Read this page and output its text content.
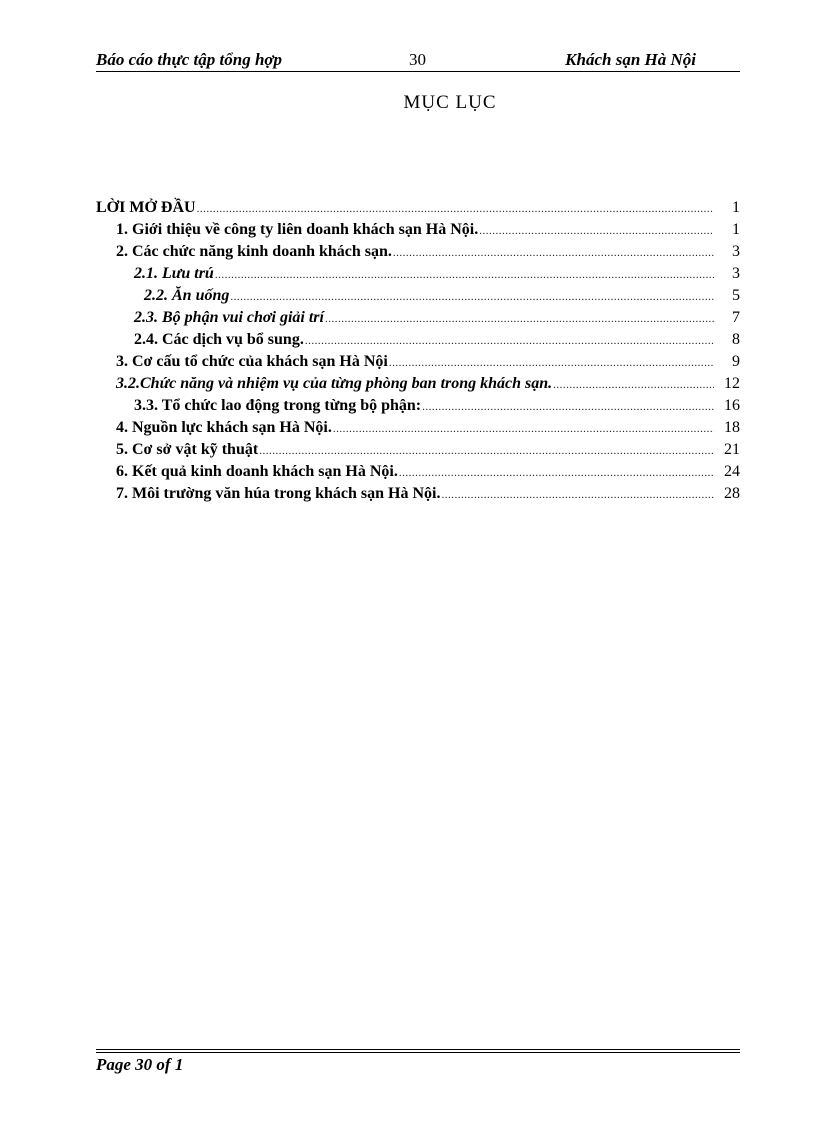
Báo cáo thực tập tổng hợp	30	Khách sạn Hà Nội
MỤC LỤC
LỜI MỞ ĐẦU .....	1
1. Giới thiệu về công ty liên doanh khách sạn Hà Nội. .....	1
2. Các chức năng kinh doanh khách sạn. .....	3
2.1. Lưu trú .....	3
2.2. Ăn uống .....	5
2.3. Bộ phận vui chơi giải trí .....	7
2.4. Các dịch vụ bổ sung. .....	8
3. Cơ cấu tổ chức của khách sạn Hà Nội .....	9
3.2.Chức năng và nhiệm vụ của từng phòng ban trong khách sạn. .....	12
3.3. Tổ chức lao động trong từng bộ phận: .....	16
4. Nguồn lực khách sạn Hà Nội. .....	18
5. Cơ sở vật kỹ thuật .....	21
6. Kết quả kinh doanh khách sạn Hà Nội. .....	24
7. Môi trường văn húa trong khách sạn Hà Nội. .....	28
Page 30 of 1
